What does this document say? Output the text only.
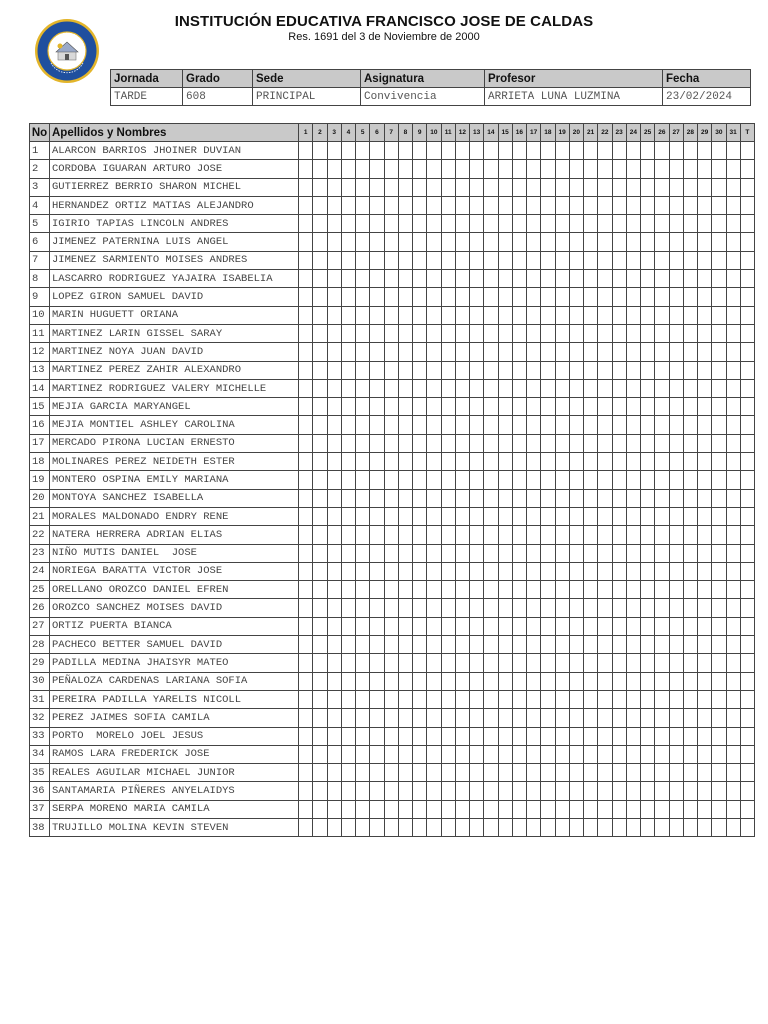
INSTITUCIÓN EDUCATIVA FRANCISCO JOSE DE CALDAS
Res. 1691 del 3 de Noviembre de 2000
Jornada	Grado	Sede	Asignatura	Profesor	Fecha
TARDE	608	PRINCIPAL	Convivencia	ARRIETA LUNA LUZMINA	23/02/2024
No	Apellidos y Nombres	1	2	3	4	5	6	7	8	9	10	11	12	13	14	15	16	17	18	19	20	21	22	23	24	25	26	27	28	29	30	31	T
1	ALARCON BARRIOS JHOINER DUVIAN																																
2	CORDOBA IGUARAN ARTURO JOSE																																
3	GUTIERREZ BERRIO SHARON MICHEL																																
4	HERNANDEZ ORTIZ MATIAS ALEJANDRO																																
5	IGIRIO TAPIAS LINCOLN ANDRES																																
6	JIMENEZ PATERNINA LUIS ANGEL																																
7	JIMENEZ SARMIENTO MOISES ANDRES																																
8	LASCARRO RODRIGUEZ YAJAIRA ISABELIA																																
9	LOPEZ GIRON SAMUEL DAVID																																
10	MARIN HUGUETT ORIANA																																
11	MARTINEZ LARIN GISSEL SARAY																																
12	MARTINEZ NOYA JUAN DAVID																																
13	MARTINEZ PEREZ ZAHIR ALEXANDRO																																
14	MARTINEZ RODRIGUEZ VALERY MICHELLE																																
15	MEJIA GARCIA MARYANGEL																																
16	MEJIA MONTIEL ASHLEY CAROLINA																																
17	MERCADO PIRONA LUCIAN ERNESTO																																
18	MOLINARES PEREZ NEIDETH ESTER																																
19	MONTERO OSPINA EMILY MARIANA																																
20	MONTOYA SANCHEZ ISABELLA																																
21	MORALES MALDONADO ENDRY RENE																																
22	NATERA HERRERA ADRIAN ELIAS																																
23	NIÑO MUTIS DANIEL  JOSE																																
24	NORIEGA BARATTA VICTOR JOSE																																
25	ORELLANO OROZCO DANIEL EFREN																																
26	OROZCO SANCHEZ MOISES DAVID																																
27	ORTIZ PUERTA BIANCA																																
28	PACHECO BETTER SAMUEL DAVID																																
29	PADILLA MEDINA JHAISYR MATEO																																
30	PEÑALOZA CARDENAS LARIANA SOFIA																																
31	PEREIRA PADILLA YARELIS NICOLL																																
32	PEREZ JAIMES SOFIA CAMILA																																
33	PORTO  MORELO JOEL JESUS																																
34	RAMOS LARA FREDERICK JOSE																																
35	REALES AGUILAR MICHAEL JUNIOR																																
36	SANTAMARIA PIÑERES ANYELAIDYS																																
37	SERPA MORENO MARIA CAMILA																																
38	TRUJILLO MOLINA KEVIN STEVEN																																
